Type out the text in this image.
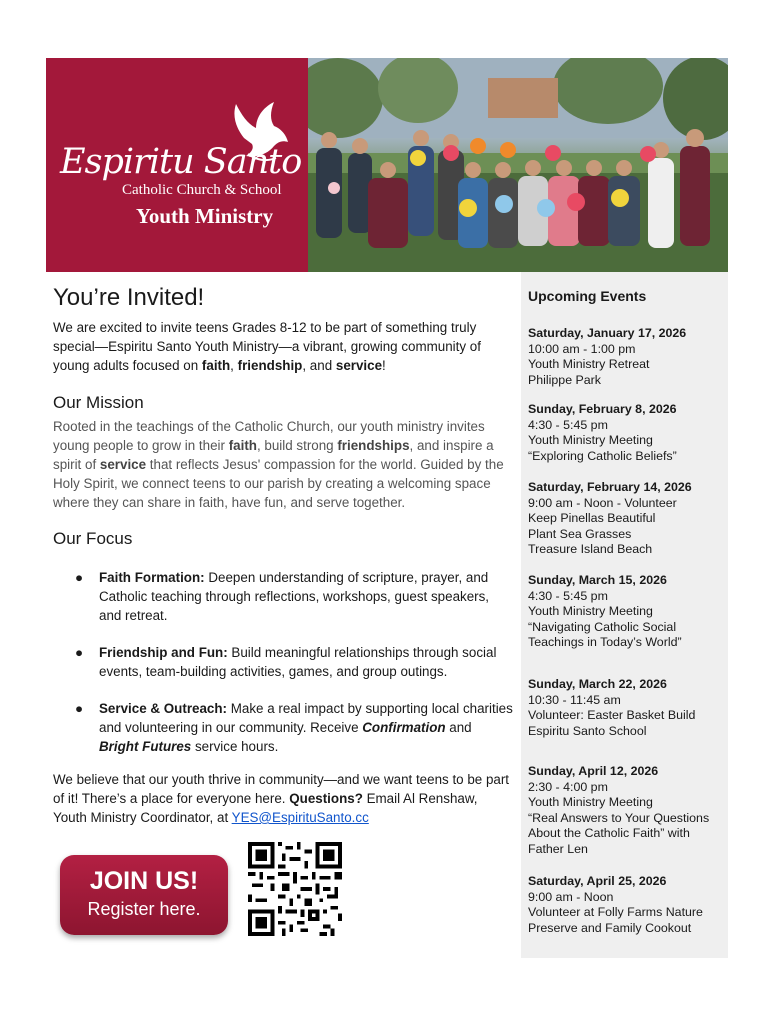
Espiritu Santo
Catholic Church & School
Youth Ministry
You’re Invited!
We are excited to invite teens Grades 8-12 to be part of something truly special—Espiritu Santo Youth Ministry—a vibrant, growing community of young adults focused on faith, friendship, and service!
Our Mission
Rooted in the teachings of the Catholic Church, our youth ministry invites young people to grow in their faith, build strong friendships, and inspire a spirit of service that reflects Jesus' compassion for the world. Guided by the Holy Spirit, we connect teens to our parish by creating a welcoming space where they can share in faith, have fun, and serve together.
Our Focus
● Faith Formation: Deepen understanding of scripture, prayer, and Catholic teaching through reflections, workshops, guest speakers, and retreat.
● Friendship and Fun: Build meaningful relationships through social events, team-building activities, games, and group outings.
● Service & Outreach: Make a real impact by supporting local charities and volunteering in our community. Receive Confirmation and Bright Futures service hours.
We believe that our youth thrive in community—and we want teens to be part of it! There’s a place for everyone here. Questions? Email Al Renshaw, Youth Ministry Coordinator, at YES@EspirituSanto.cc
JOIN US!
Register here.
Upcoming Events
Saturday, January 17, 2026
10:00 am - 1:00 pm
Youth Ministry Retreat
Philippe Park
Sunday, February 8, 2026
4:30 - 5:45 pm
Youth Ministry Meeting
“Exploring Catholic Beliefs”
Saturday, February 14, 2026
9:00 am - Noon - Volunteer
Keep Pinellas Beautiful
Plant Sea Grasses
Treasure Island Beach
Sunday, March 15, 2026
4:30 - 5:45 pm
Youth Ministry Meeting
“Navigating Catholic Social
Teachings in Today’s World”
Sunday, March 22, 2026
10:30 - 11:45 am
Volunteer: Easter Basket Build
Espiritu Santo School
Sunday, April 12, 2026
2:30 - 4:00 pm
Youth Ministry Meeting
“Real Answers to Your Questions
About the Catholic Faith” with
Father Len
Saturday, April 25, 2026
9:00 am - Noon
Volunteer at Folly Farms Nature
Preserve and Family Cookout
